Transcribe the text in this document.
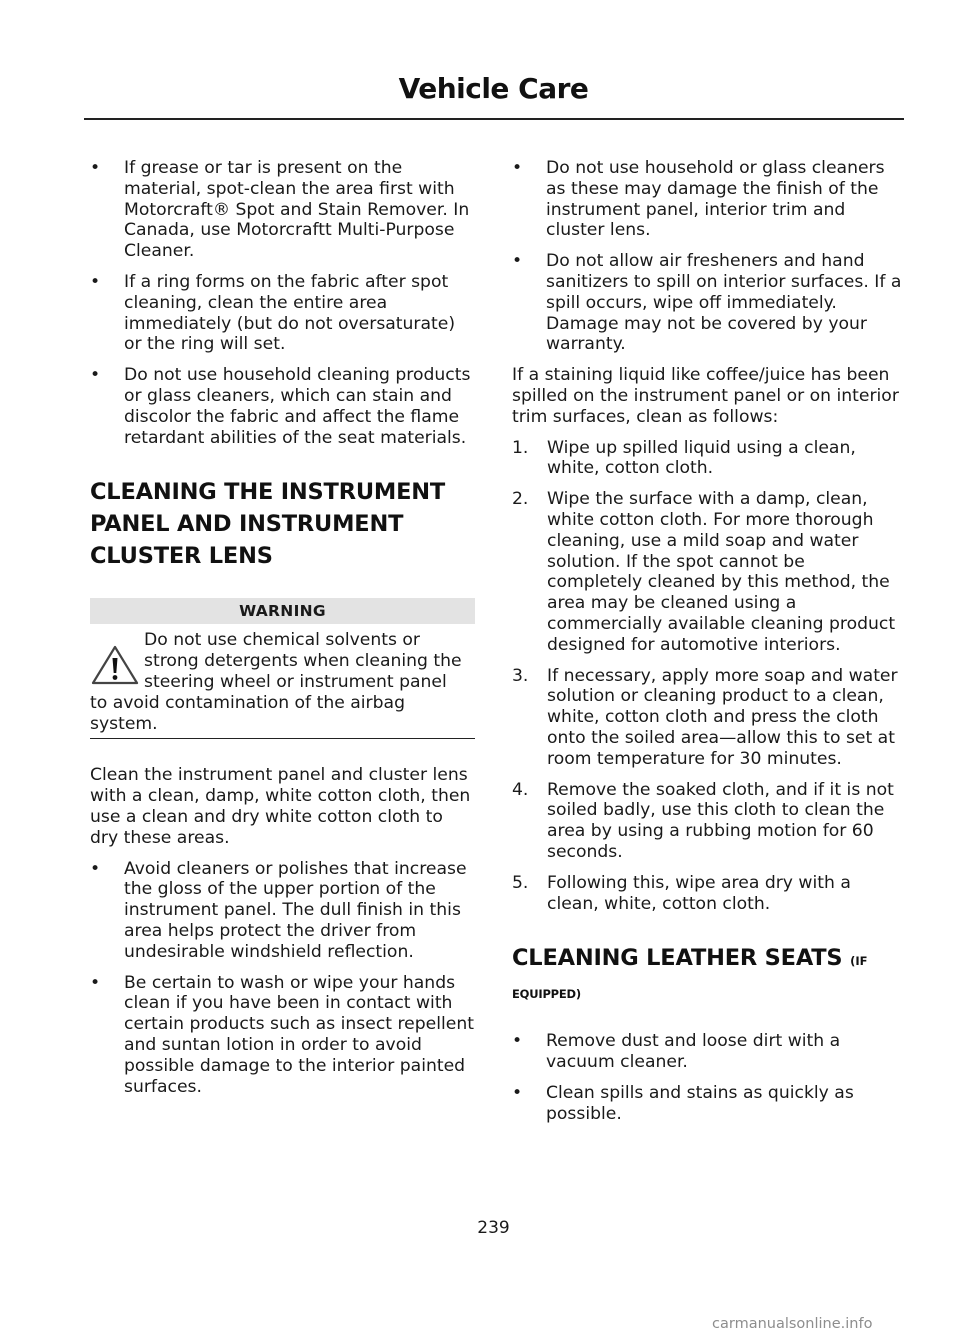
Vehicle Care
• If grease or tar is present on the material, spot-clean the area first with Motorcraft® Spot and Stain Remover. In Canada, use Motorcraftt Multi-Purpose Cleaner.
• If a ring forms on the fabric after spot cleaning, clean the entire area immediately (but do not oversaturate) or the ring will set.
• Do not use household cleaning products or glass cleaners, which can stain and discolor the fabric and affect the flame retardant abilities of the seat materials.
CLEANING THE INSTRUMENT
PANEL AND INSTRUMENT
CLUSTER LENS
WARNING

Do not use chemical solvents or
strong detergents when cleaning the
steering wheel or instrument panel
to avoid contamination of the airbag
system.

Clean the instrument panel and cluster lens with a clean, damp, white cotton cloth, then use a clean and dry white cotton cloth to dry these areas.

• Avoid cleaners or polishes that increase the gloss of the upper portion of the instrument panel. The dull finish in this area helps protect the driver from undesirable windshield reflection.
• Be certain to wash or wipe your hands clean if you have been in contact with certain products such as insect repellent and suntan lotion in order to avoid possible damage to the interior painted surfaces.
• Do not use household or glass cleaners as these may damage the finish of the instrument panel, interior trim and cluster lens.
• Do not allow air fresheners and hand sanitizers to spill on interior surfaces. If a spill occurs, wipe off immediately. Damage may not be covered by your warranty.

If a staining liquid like coffee/juice has been spilled on the instrument panel or on interior trim surfaces, clean as follows:

1. Wipe up spilled liquid using a clean, white, cotton cloth.
2. Wipe the surface with a damp, clean, white cotton cloth. For more thorough cleaning, use a mild soap and water solution. If the spot cannot be completely cleaned by this method, the area may be cleaned using a commercially available cleaning product designed for automotive interiors.
3. If necessary, apply more soap and water solution or cleaning product to a clean, white, cotton cloth and press the cloth onto the soiled area—allow this to set at room temperature for 30 minutes.
4. Remove the soaked cloth, and if it is not soiled badly, use this cloth to clean the area by using a rubbing motion for 60 seconds.
5. Following this, wipe area dry with a clean, white, cotton cloth.
CLEANING LEATHER SEATS (IF
EQUIPPED)
• Remove dust and loose dirt with a vacuum cleaner.
• Clean spills and stains as quickly as possible.
239
carmanualsonline.info
